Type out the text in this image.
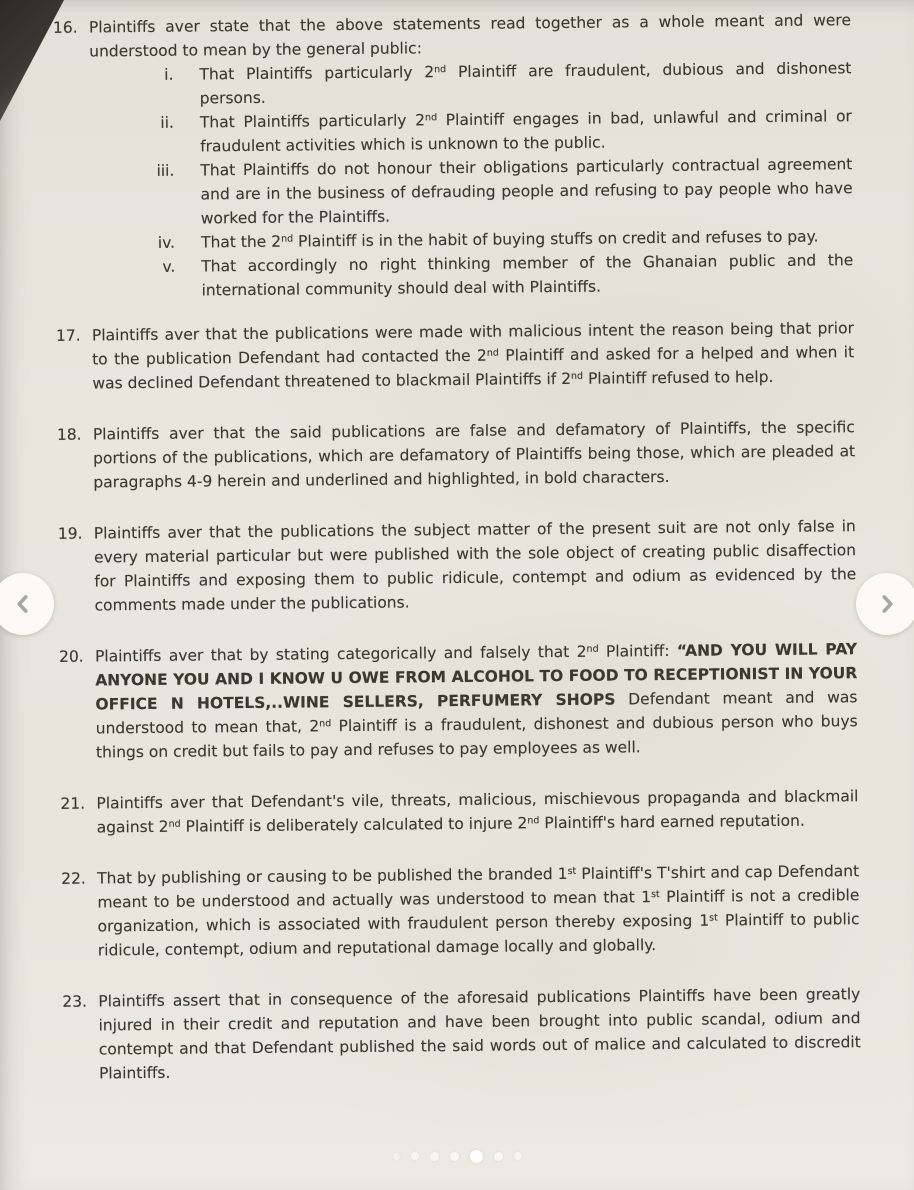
16. Plaintiffs aver state that the above statements read together as a whole meant and were understood to mean by the general public:
i. That Plaintiffs particularly 2nd Plaintiff are fraudulent, dubious and dishonest persons.
ii. That Plaintiffs particularly 2nd Plaintiff engages in bad, unlawful and criminal or fraudulent activities which is unknown to the public.
iii. That Plaintiffs do not honour their obligations particularly contractual agreement and are in the business of defrauding people and refusing to pay people who have worked for the Plaintiffs.
iv. That the 2nd Plaintiff is in the habit of buying stuffs on credit and refuses to pay.
v. That accordingly no right thinking member of the Ghanaian public and the international community should deal with Plaintiffs.
17. Plaintiffs aver that the publications were made with malicious intent the reason being that prior to the publication Defendant had contacted the 2nd Plaintiff and asked for a helped and when it was declined Defendant threatened to blackmail Plaintiffs if 2nd Plaintiff refused to help.
18. Plaintiffs aver that the said publications are false and defamatory of Plaintiffs, the specific portions of the publications, which are defamatory of Plaintiffs being those, which are pleaded at paragraphs 4-9 herein and underlined and highlighted, in bold characters.
19. Plaintiffs aver that the publications the subject matter of the present suit are not only false in every material particular but were published with the sole object of creating public disaffection for Plaintiffs and exposing them to public ridicule, contempt and odium as evidenced by the comments made under the publications.
20. Plaintiffs aver that by stating categorically and falsely that 2nd Plaintiff: “AND YOU WILL PAY ANYONE YOU AND I KNOW U OWE FROM ALCOHOL TO FOOD TO RECEPTIONIST IN YOUR OFFICE N HOTELS,..WINE SELLERS, PERFUMERY SHOPS Defendant meant and was understood to mean that, 2nd Plaintiff is a fraudulent, dishonest and dubious person who buys things on credit but fails to pay and refuses to pay employees as well.
21. Plaintiffs aver that Defendant's vile, threats, malicious, mischievous propaganda and blackmail against 2nd Plaintiff is deliberately calculated to injure 2nd Plaintiff's hard earned reputation.
22. That by publishing or causing to be published the branded 1st Plaintiff's T'shirt and cap Defendant meant to be understood and actually was understood to mean that 1st Plaintiff is not a credible organization, which is associated with fraudulent person thereby exposing 1st Plaintiff to public ridicule, contempt, odium and reputational damage locally and globally.
23. Plaintiffs assert that in consequence of the aforesaid publications Plaintiffs have been greatly injured in their credit and reputation and have been brought into public scandal, odium and contempt and that Defendant published the said words out of malice and calculated to discredit Plaintiffs.
